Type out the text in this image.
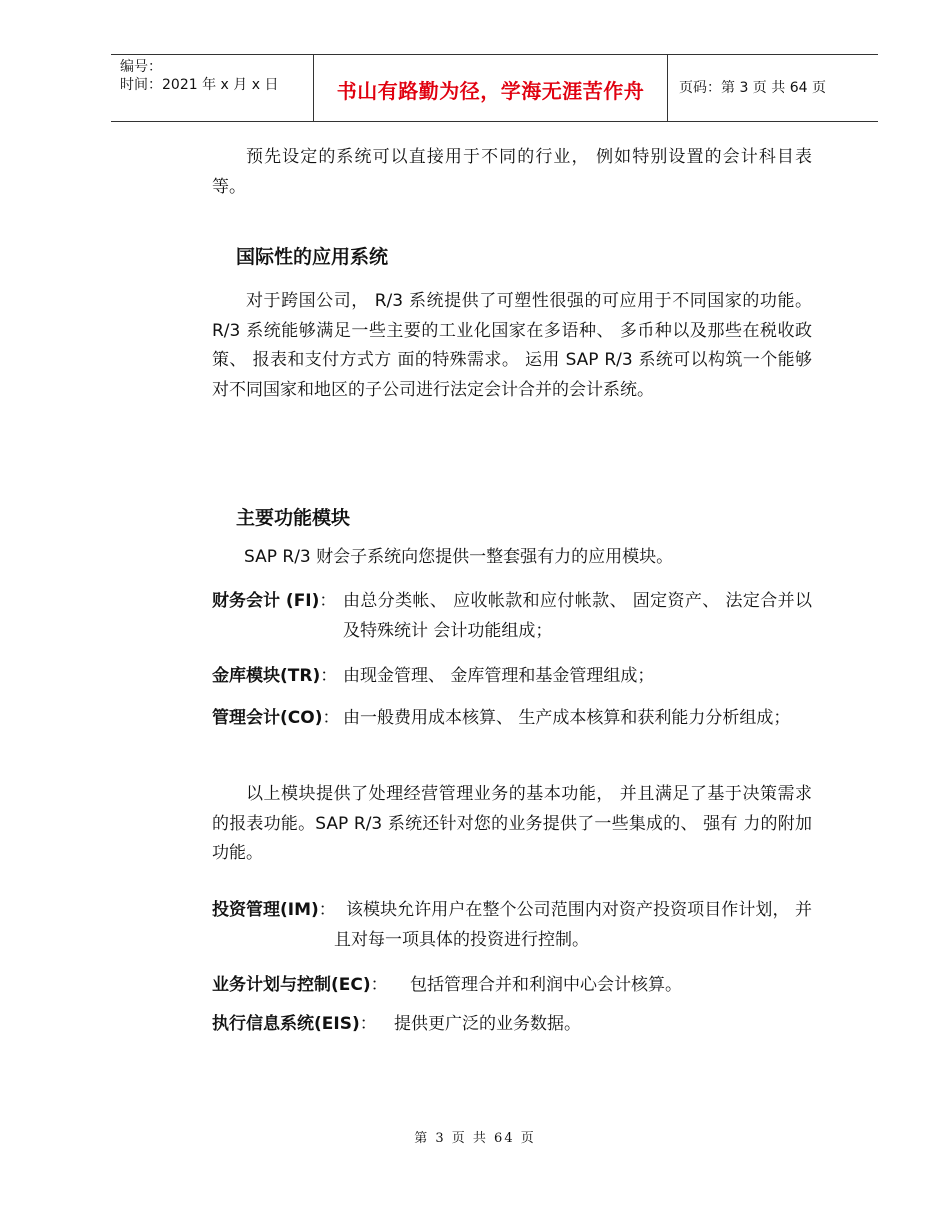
编号：
时间：2021 年 x 月 x 日	书山有路勤为径，学海无涯苦作舟	页码：第 3 页 共 64 页

预先设定的系统可以直接用于不同的行业， 例如特别设置的会计科目表等。

国际性的应用系统

对于跨国公司， R/3 系统提供了可塑性很强的可应用于不同国家的功能。 R/3 系统能够满足一些主要的工业化国家在多语种、 多币种以及那些在税收政策、 报表和支付方式方 面的特殊需求。 运用 SAP R/3 系统可以构筑一个能够对不同国家和地区的子公司进行法定会计合并的会计系统。

主要功能模块

SAP R/3 财会子系统向您提供一整套强有力的应用模块。

财务会计 (FI)： 由总分类帐、 应收帐款和应付帐款、 固定资产、 法定合并以及特殊统计 会计功能组成；
金库模块(TR)： 由现金管理、 金库管理和基金管理组成；
管理会计(CO)： 由一般费用成本核算、 生产成本核算和获利能力分析组成；

以上模块提供了处理经营管理业务的基本功能， 并且满足了基于决策需求的报表功能。SAP R/3 系统还针对您的业务提供了一些集成的、 强有 力的附加功能。

投资管理(IM)： 该模块允许用户在整个公司范围内对资产投资项目作计划， 并且对每一项具体的投资进行控制。
业务计划与控制(EC)： 包括管理合并和利润中心会计核算。
执行信息系统(EIS)： 提供更广泛的业务数据。
第 3 页 共 64 页
